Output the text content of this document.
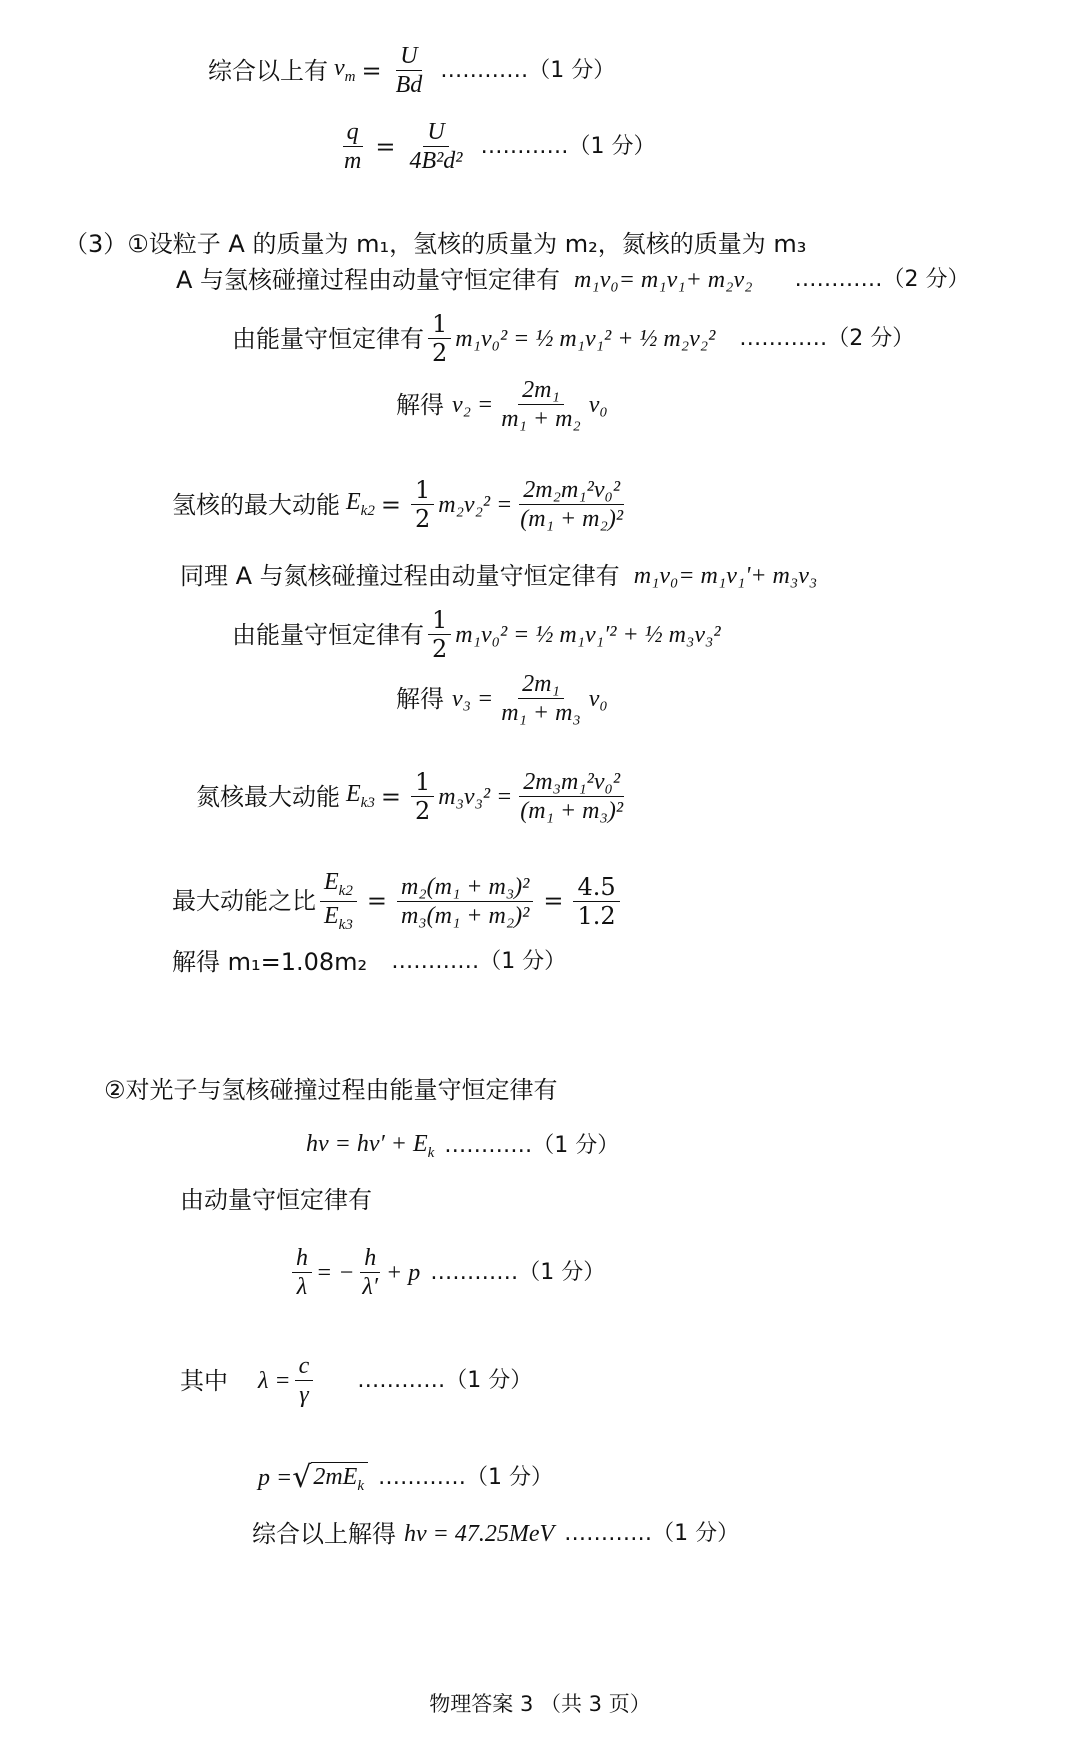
综合以上有 $v_m = \frac{U}{Bd}$ …………（1 分）
$\frac{q}{m} = \frac{U}{\text{4B²d²}}$ …………（1 分）
（3）①设粒子 A 的质量为 m₁，氢核的质量为 m₂，氮核的质量为 m₃
A 与氢核碰撞过程由动量守恒定律有 m₁v₀= m₁v₁+ m₂v₂ …………（2 分）
由能量守恒定律有 $\frac{1}{2} m_1v_0^2$ = ½ m₁v₁² + ½ m₂v₂² …………（2 分）
解得 $v_2 = \frac{\text{2m₁}}{\text{m₁ + m₂}} v_0$
氢核的最大动能 $E_{k2} = \frac{1}{2} m_2v_2^2 = \frac{\text{2m₂m₁²v₀²}}{\text{(m₁ + m₂)²}}$
同理 A 与氮核碰撞过程由动量守恒定律有 m₁v₀= m₁v₁'+ m₃v₃
由能量守恒定律有 $\frac{1}{2} m_1v_0^2$ = ½ m₁v₁′² + ½ m₃v₃²
解得 $v_3 = \frac{\text{2m₁}}{\text{m₁ + m₃}} v_0$
氮核最大动能 $E_{k3} = \frac{1}{2} m_3v_3^2 = \frac{\text{2m₃m₁²v₀²}}{\text{(m₁ + m₃)²}}$
最大动能之比 $\frac{E_{k2}}{E_{k3}} = \frac{\text{m₂(m₁ + m₃)²}}{\text{m₃(m₁ + m₂)²}} = \frac{4.5}{1.2}$
解得 m₁=1.08m₂ …………（1 分）
②对光子与氢核碰撞过程由能量守恒定律有
$h\nu = h\nu' + E_k$ …………（1 分）
由动量守恒定律有
$\frac{h}{\lambda}$ = − $\frac{h}{\lambda'} + p$ …………（1 分）
其中 $\lambda = \frac{c}{\gamma}$ …………（1 分）
p = √ $2mE_k$ …………（1 分）
综合以上解得 hν = 47.25MeV …………（1 分）
物理答案 3 （共 3 页）
